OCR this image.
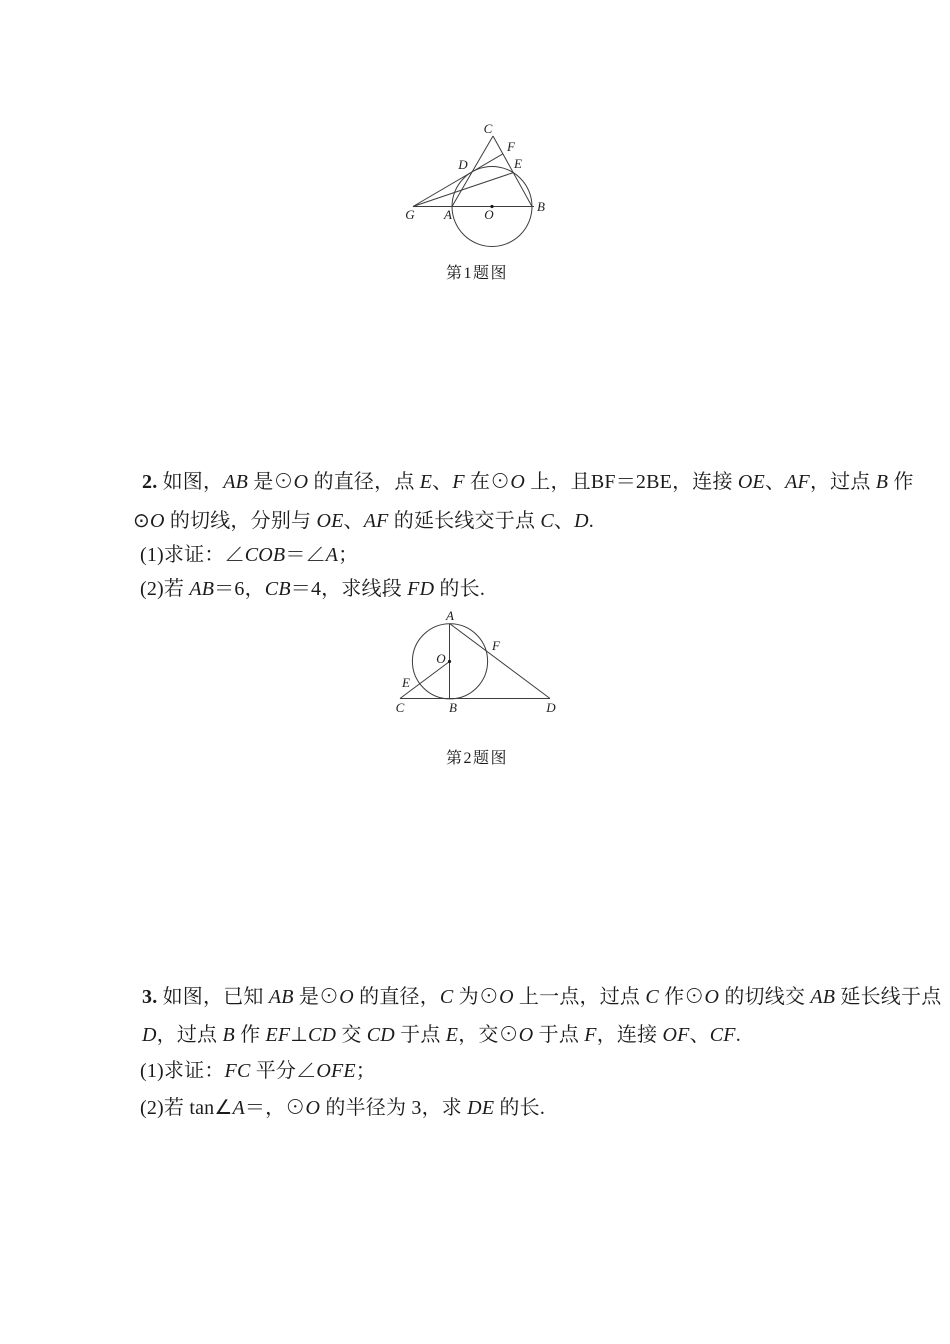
G A O
B
C
D	E
F
第1题图
2. 如图，AB 是⊙O 的直径，点 E、F 在⊙O 上，且BF＝2BE，连接 OE、AF，过点 B 作
⊙O 的切线，分别与 OE、AF 的延长线交于点 C、D.
(1)求证：∠COB＝∠A；
(2)若 AB＝6，CB＝4，求线段 FD 的长.
A
O
F
E
C	B	D
第2题图
3. 如图，已知 AB 是⊙O 的直径，C 为⊙O 上一点，过点 C 作⊙O 的切线交 AB 延长线于点
D，过点 B 作 EF⊥CD 交 CD 于点 E，交⊙O 于点 F，连接 OF、CF.
(1)求证：FC 平分∠OFE；
(2)若 tan∠A＝，⊙O 的半径为 3，求 DE 的长.
